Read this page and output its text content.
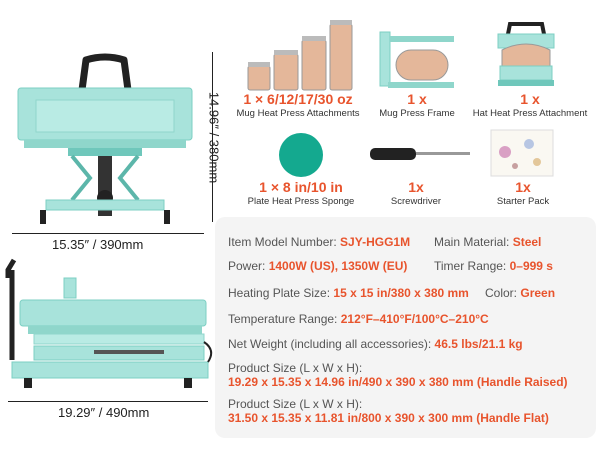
14.96″ / 380mm
15.35″ / 390mm
19.29″ / 490mm
1 × 6/12/17/30 oz
Mug Heat Press Attachments
1 x
Mug Press Frame
1 x
Hat Heat Press Attachment
1 × 8 in/10 in
Plate Heat Press Sponge
1x
Screwdriver
1x
Starter Pack
Item Model Number: SJY-HGG1M Main Material: Steel
Power: 1400W (US), 1350W (EU) Timer Range: 0–999 s
Heating Plate Size: 15 x 15 in/380 x 380 mm Color: Green
Temperature Range: 212°F–410°F/100°C–210°C
Net Weight (including all accessories): 46.5 lbs/21.1 kg
Product Size (L x W x H):
19.29 x 15.35 x 14.96 in/490 x 390 x 380 mm (Handle Raised)
Product Size (L x W x H):
31.50 x 15.35 x 11.81 in/800 x 390 x 300 mm (Handle Flat)
